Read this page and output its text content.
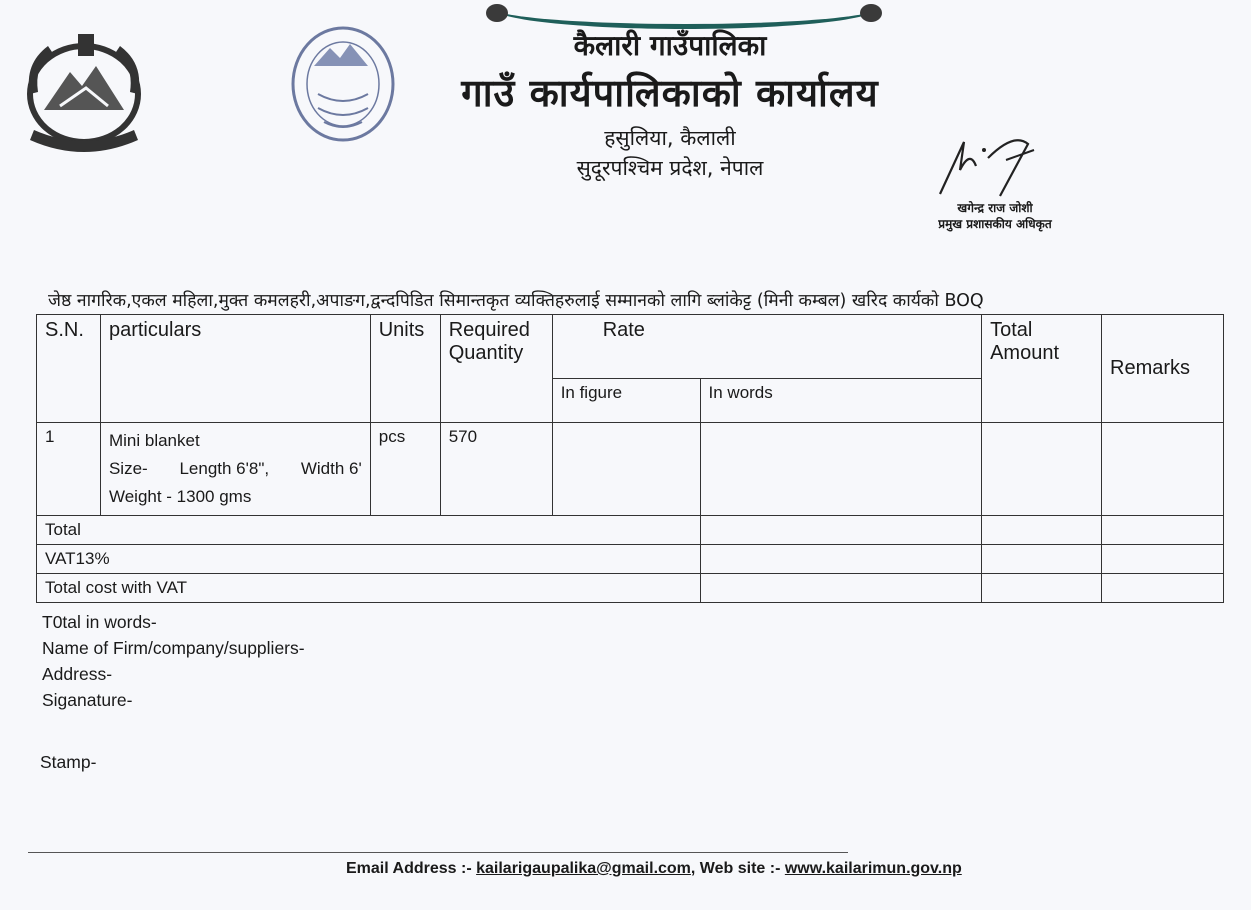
कैलारी गाउँपालिका
गाउँ कार्यपालिकाको कार्यालय
हसुलिया, कैलाली
सुदूरपश्चिम प्रदेश, नेपाल
खगेन्द्र राज जोशी
प्रमुख प्रशासकीय अधिकृत
जेष्ठ नागरिक,एकल महिला,मुक्त कमलहरी,अपाङग,द्वन्दपिडित सिमान्तकृत व्यक्तिहरुलाई सम्मानको लागि ब्लांकेट्ट (मिनी कम्बल) खरिद कार्यको BOQ
S.N.	particulars	Units	Required Quantity	Rate		Total Amount	Remarks
				In figure	In words		
1	Mini blanket
Size- Length 6'8", Width 6'
Weight - 1300 gms	pcs	570				
Total							
VAT13%							
Total cost with VAT							
T0tal in words-
Name of Firm/company/suppliers-
Address-
Siganature-
Stamp-
Email Address :- kailarigaupalika@gmail.com, Web site :- www.kailarimun.gov.np
